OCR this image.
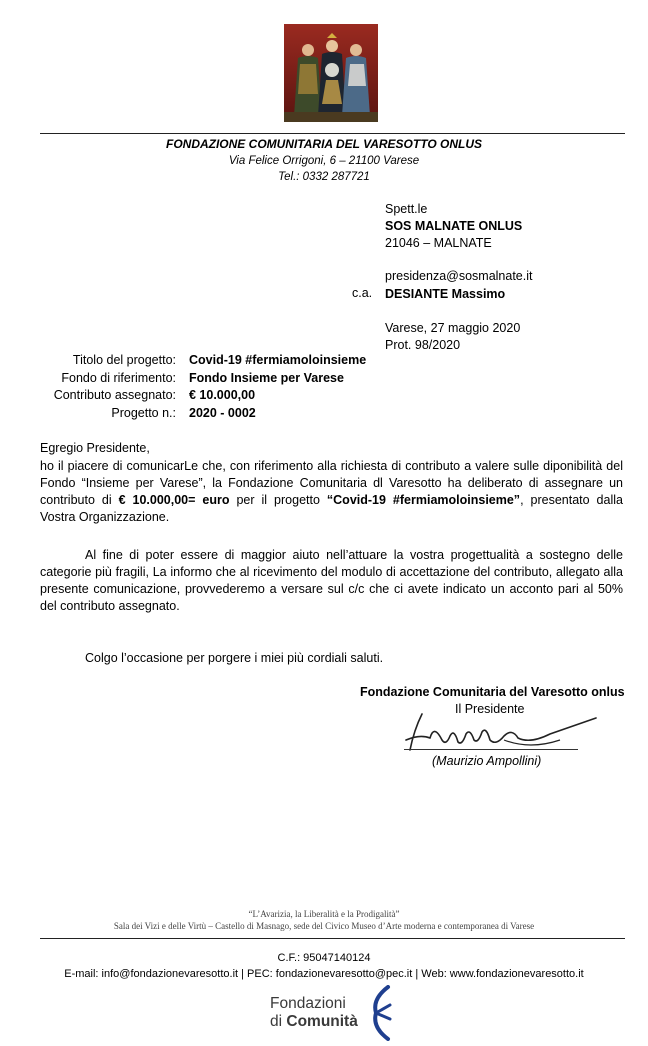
FONDAZIONE COMUNITARIA DEL VARESOTTO ONLUS
Via Felice Orrigoni, 6 – 21100 Varese
Tel.: 0332 287721
Spett.le
SOS MALNATE ONLUS
21046 – MALNATE
presidenza@sosmalnate.it
c.a. DESIANTE Massimo
Varese, 27 maggio 2020
Prot. 98/2020
Titolo del progetto: Covid-19 #fermiamoloinsieme
Fondo di riferimento: Fondo Insieme per Varese
Contributo assegnato: € 10.000,00
Progetto n.: 2020 - 0002
Egregio Presidente,
ho il piacere di comunicarLe che, con riferimento alla richiesta di contributo a valere sulle diponibilità del Fondo “Insieme per Varese”, la Fondazione Comunitaria dl Varesotto ha deliberato di assegnare un contributo di € 10.000,00= euro per il progetto “Covid-19 #fermiamoloinsieme”, presentato dalla Vostra Organizzazione.
Al fine di poter essere di maggior aiuto nell’attuare la vostra progettualità a sostegno delle categorie più fragili, La informo che al ricevimento del modulo di accettazione del contributo, allegato alla presente comunicazione, provvederemo a versare sul c/c che ci avete indicato un acconto pari al 50% del contributo assegnato.
Colgo l’occasione per porgere i miei più cordiali saluti.
Fondazione Comunitaria del Varesotto onlus
Il Presidente
(Maurizio Ampollini)
“L’Avarizia, la Liberalità e la Prodigalità”
Sala dei Vizi e delle Virtù – Castello di Masnago, sede del Civico Museo d’Arte moderna e contemporanea di Varese
C.F.: 95047140124
E-mail: info@fondazionevaresotto.it | PEC: fondazionevaresotto@pec.it | Web: www.fondazionevaresotto.it
Fondazioni
di Comunità
